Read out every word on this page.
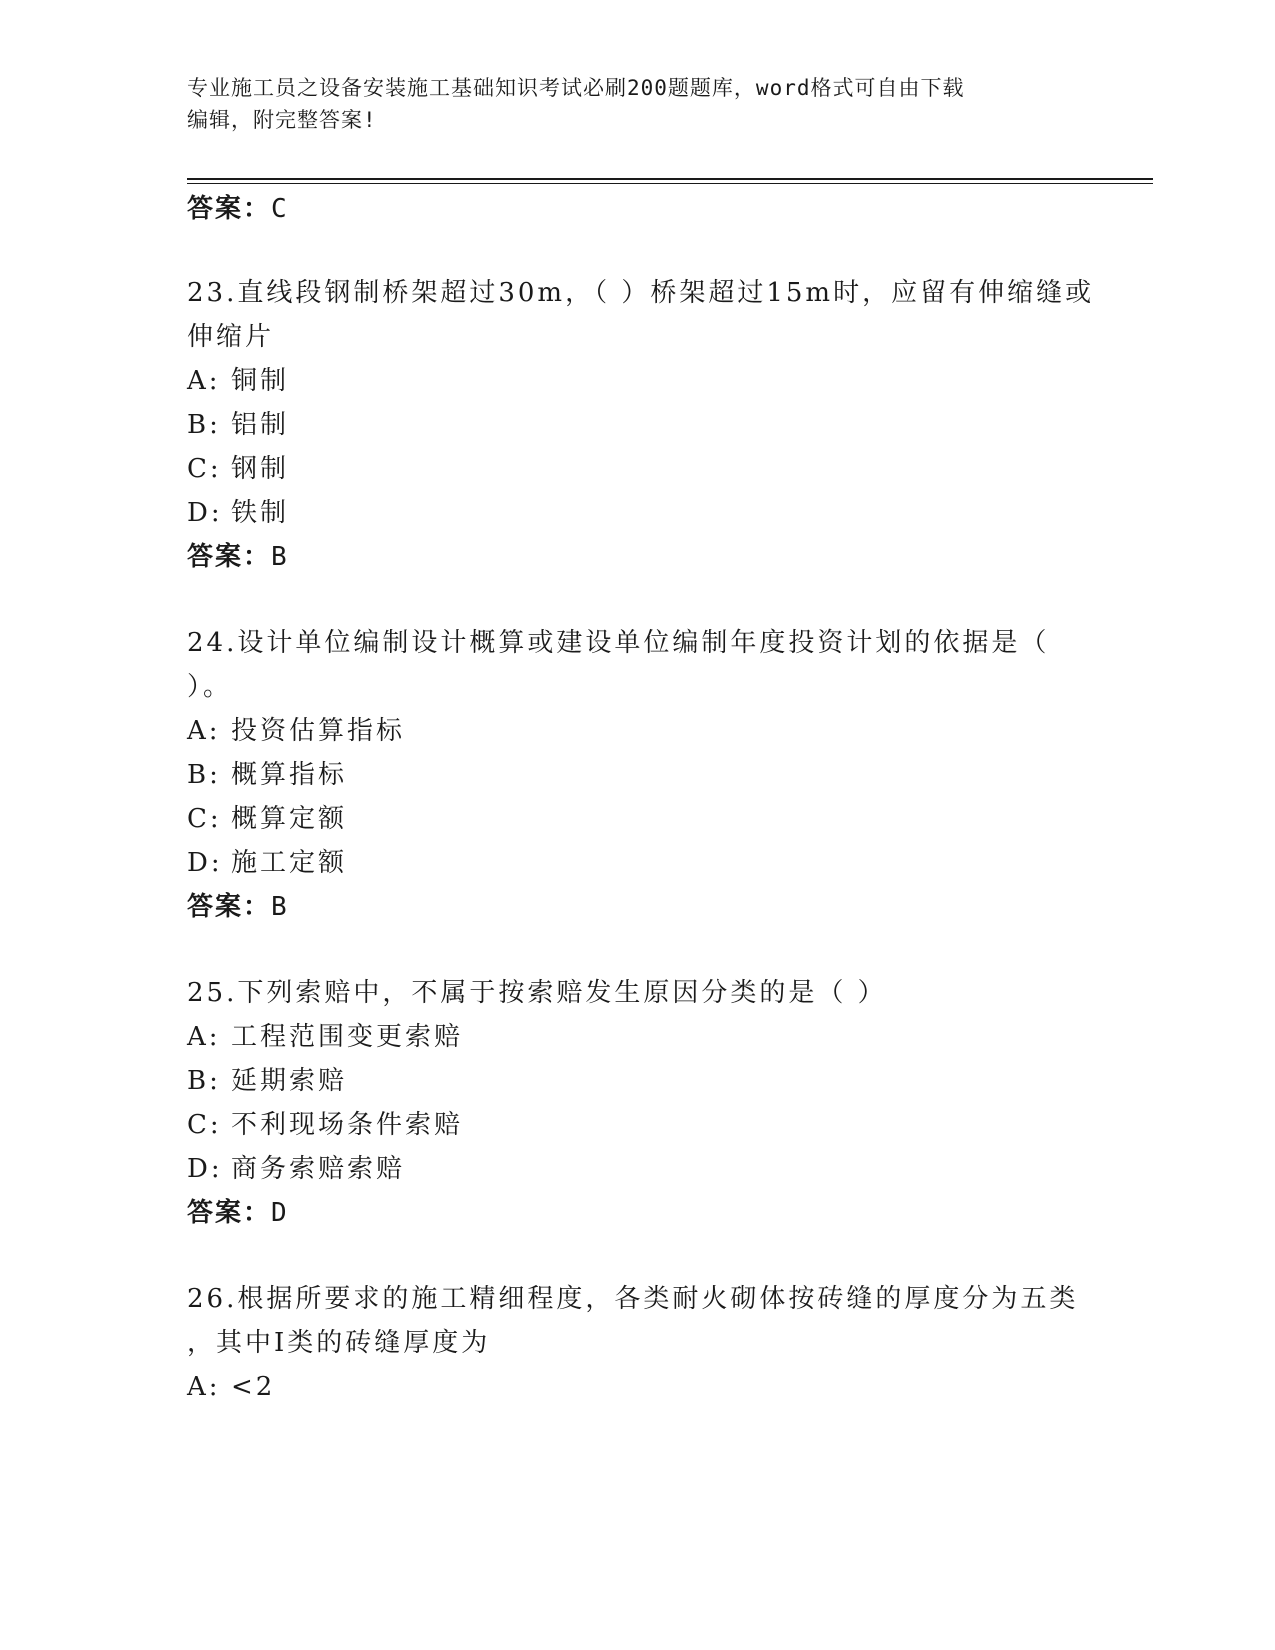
专业施工员之设备安装施工基础知识考试必刷200题题库，word格式可自由下载
编辑，附完整答案!
答案：C
23.直线段钢制桥架超过30m，（ ）桥架超过15m时，应留有伸缩缝或
伸缩片
A: 铜制
B: 铝制
C: 钢制
D: 铁制
答案：B
24.设计单位编制设计概算或建设单位编制年度投资计划的依据是（
）。
A: 投资估算指标
B: 概算指标
C: 概算定额
D: 施工定额
答案：B
25.下列索赔中，不属于按索赔发生原因分类的是（ ）
A: 工程范围变更索赔
B: 延期索赔
C: 不利现场条件索赔
D: 商务索赔索赔
答案：D
26.根据所要求的施工精细程度，各类耐火砌体按砖缝的厚度分为五类
，其中I类的砖缝厚度为
A: <2
